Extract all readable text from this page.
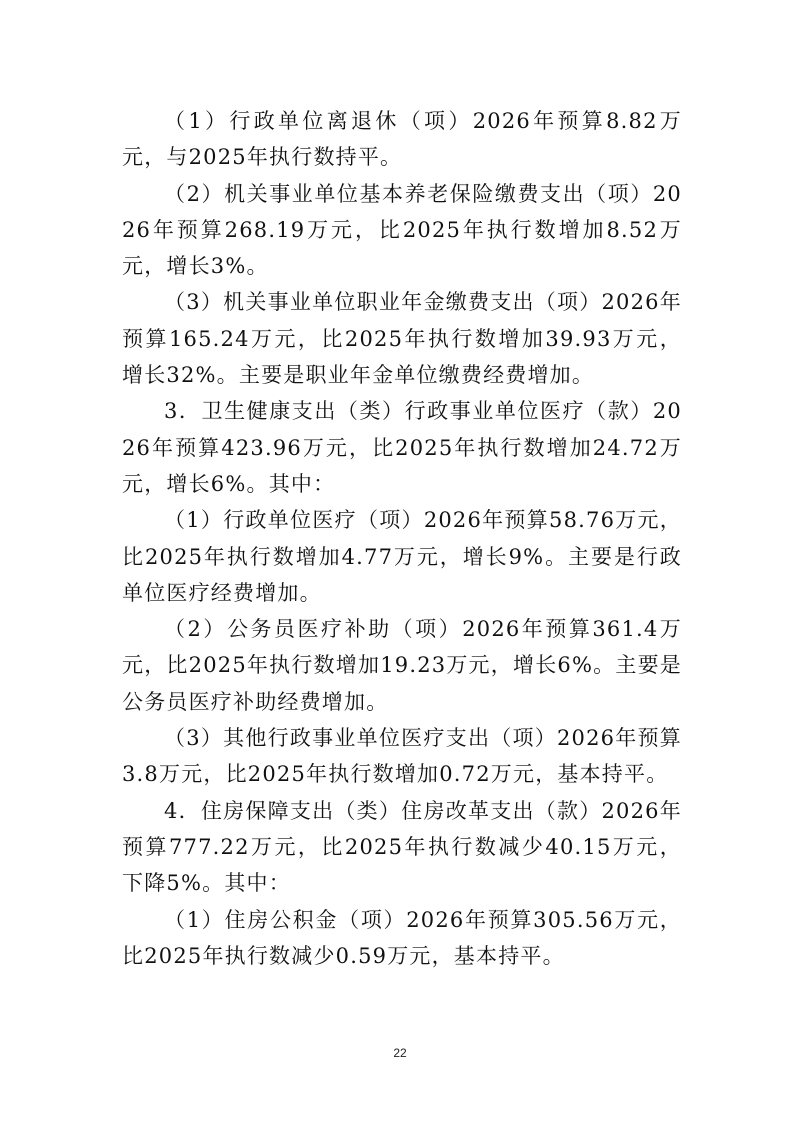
（1）行政单位离退休（项）2026年预算8.82万元，与2025年执行数持平。

（2）机关事业单位基本养老保险缴费支出（项）2026年预算268.19万元，比2025年执行数增加8.52万元，增长3%。

（3）机关事业单位职业年金缴费支出（项）2026年预算165.24万元，比2025年执行数增加39.93万元，增长32%。主要是职业年金单位缴费经费增加。

3．卫生健康支出（类）行政事业单位医疗（款）2026年预算423.96万元，比2025年执行数增加24.72万元，增长6%。其中：

（1）行政单位医疗（项）2026年预算58.76万元，比2025年执行数增加4.77万元，增长9%。主要是行政单位医疗经费增加。

（2）公务员医疗补助（项）2026年预算361.4万元，比2025年执行数增加19.23万元，增长6%。主要是公务员医疗补助经费增加。

（3）其他行政事业单位医疗支出（项）2026年预算3.8万元，比2025年执行数增加0.72万元，基本持平。

4．住房保障支出（类）住房改革支出（款）2026年预算777.22万元，比2025年执行数减少40.15万元，下降5%。其中：

（1）住房公积金（项）2026年预算305.56万元，比2025年执行数减少0.59万元，基本持平。

22
